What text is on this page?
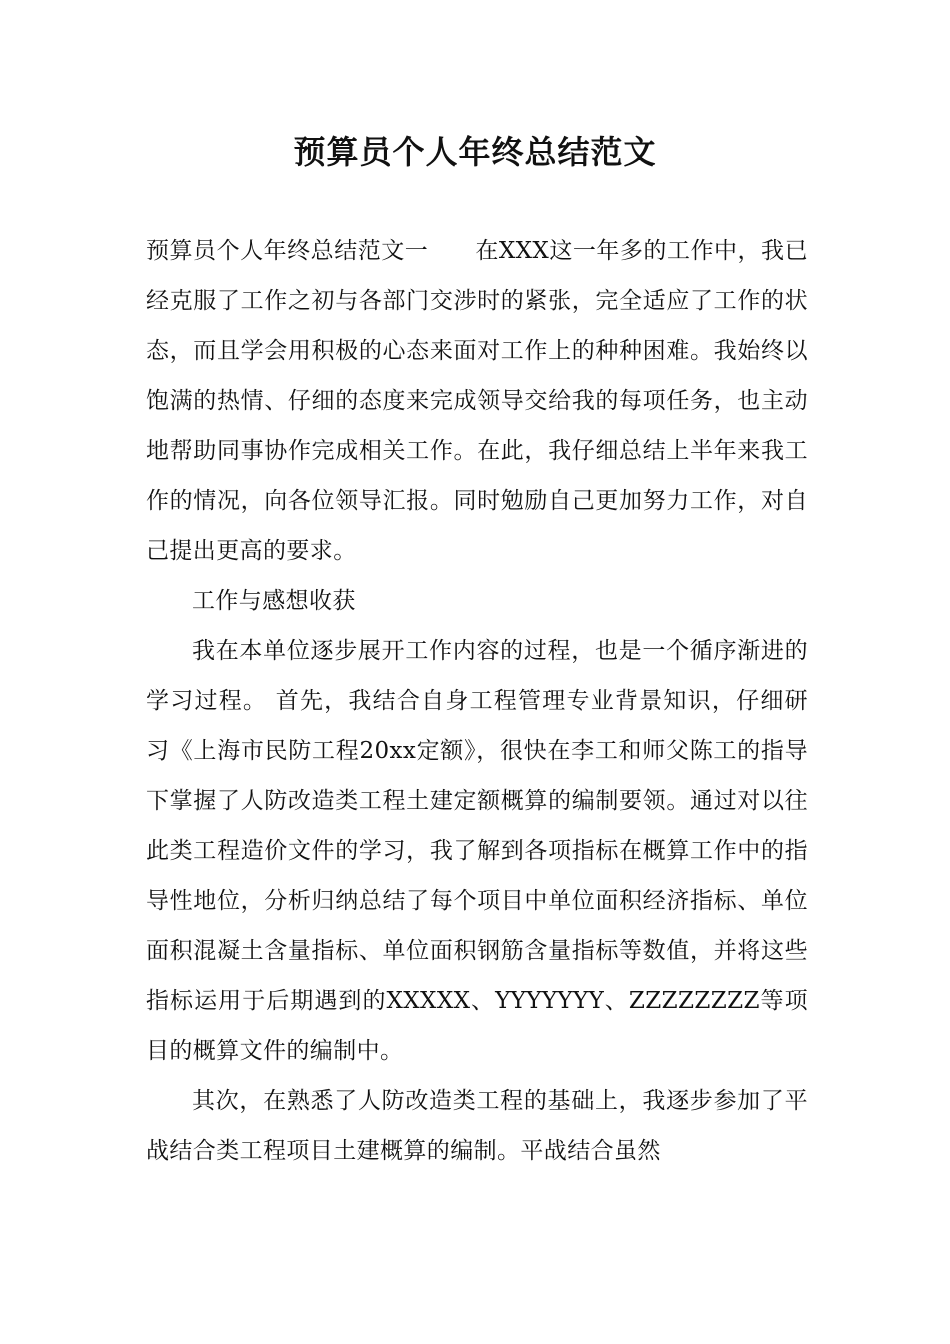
预算员个人年终总结范文

预算员个人年终总结范文一　　在XXX这一年多的工作中，我已经克服了工作之初与各部门交涉时的紧张，完全适应了工作的状态，而且学会用积极的心态来面对工作上的种种困难。我始终以饱满的热情、仔细的态度来完成领导交给我的每项任务，也主动地帮助同事协作完成相关工作。在此，我仔细总结上半年来我工作的情况，向各位领导汇报。同时勉励自己更加努力工作，对自己提出更高的要求。

工作与感想收获

我在本单位逐步展开工作内容的过程，也是一个循序渐进的学习过程。 首先，我结合自身工程管理专业背景知识，仔细研习《上海市民防工程20xx定额》，很快在李工和师父陈工的指导下掌握了人防改造类工程土建定额概算的编制要领。通过对以往此类工程造价文件的学习，我了解到各项指标在概算工作中的指导性地位，分析归纳总结了每个项目中单位面积经济指标、单位面积混凝土含量指标、单位面积钢筋含量指标等数值，并将这些指标运用于后期遇到的XXXXX、YYYYYYY、ZZZZZZZZ等项目的概算文件的编制中。

其次，在熟悉了人防改造类工程的基础上，我逐步参加了平战结合类工程项目土建概算的编制。平战结合虽然
